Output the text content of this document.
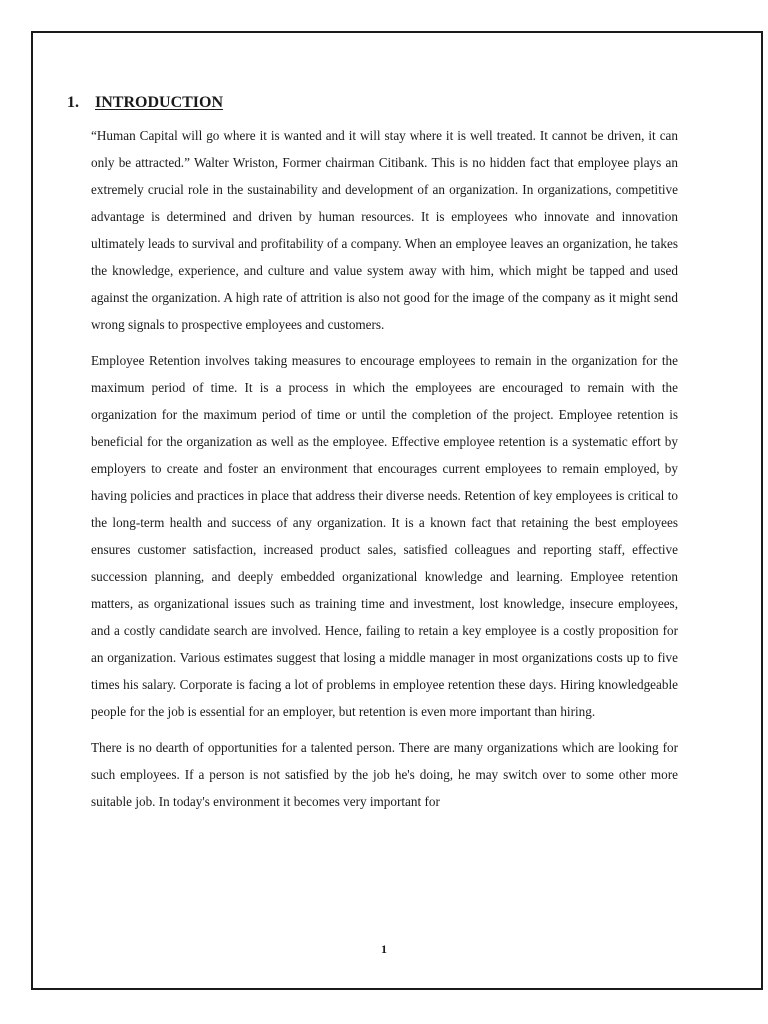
1. INTRODUCTION

“Human Capital will go where it is wanted and it will stay where it is well treated. It cannot be driven, it can only be attracted.” Walter Wriston, Former chairman Citibank. This is no hidden fact that employee plays an extremely crucial role in the sustainability and development of an organization. In organizations, competitive advantage is determined and driven by human resources. It is employees who innovate and innovation ultimately leads to survival and profitability of a company. When an employee leaves an organization, he takes the knowledge, experience, and culture and value system away with him, which might be tapped and used against the organization. A high rate of attrition is also not good for the image of the company as it might send wrong signals to prospective employees and customers.

Employee Retention involves taking measures to encourage employees to remain in the organization for the maximum period of time. It is a process in which the employees are encouraged to remain with the organization for the maximum period of time or until the completion of the project. Employee retention is beneficial for the organization as well as the employee. Effective employee retention is a systematic effort by employers to create and foster an environment that encourages current employees to remain employed, by having policies and practices in place that address their diverse needs. Retention of key employees is critical to the long-term health and success of any organization. It is a known fact that retaining the best employees ensures customer satisfaction, increased product sales, satisfied colleagues and reporting staff, effective succession planning, and deeply embedded organizational knowledge and learning. Employee retention matters, as organizational issues such as training time and investment, lost knowledge, insecure employees, and a costly candidate search are involved. Hence, failing to retain a key employee is a costly proposition for an organization. Various estimates suggest that losing a middle manager in most organizations costs up to five times his salary. Corporate is facing a lot of problems in employee retention these days. Hiring knowledgeable people for the job is essential for an employer, but retention is even more important than hiring.

There is no dearth of opportunities for a talented person. There are many organizations which are looking for such employees. If a person is not satisfied by the job he's doing, he may switch over to some other more suitable job. In today's environment it becomes very important for

1
